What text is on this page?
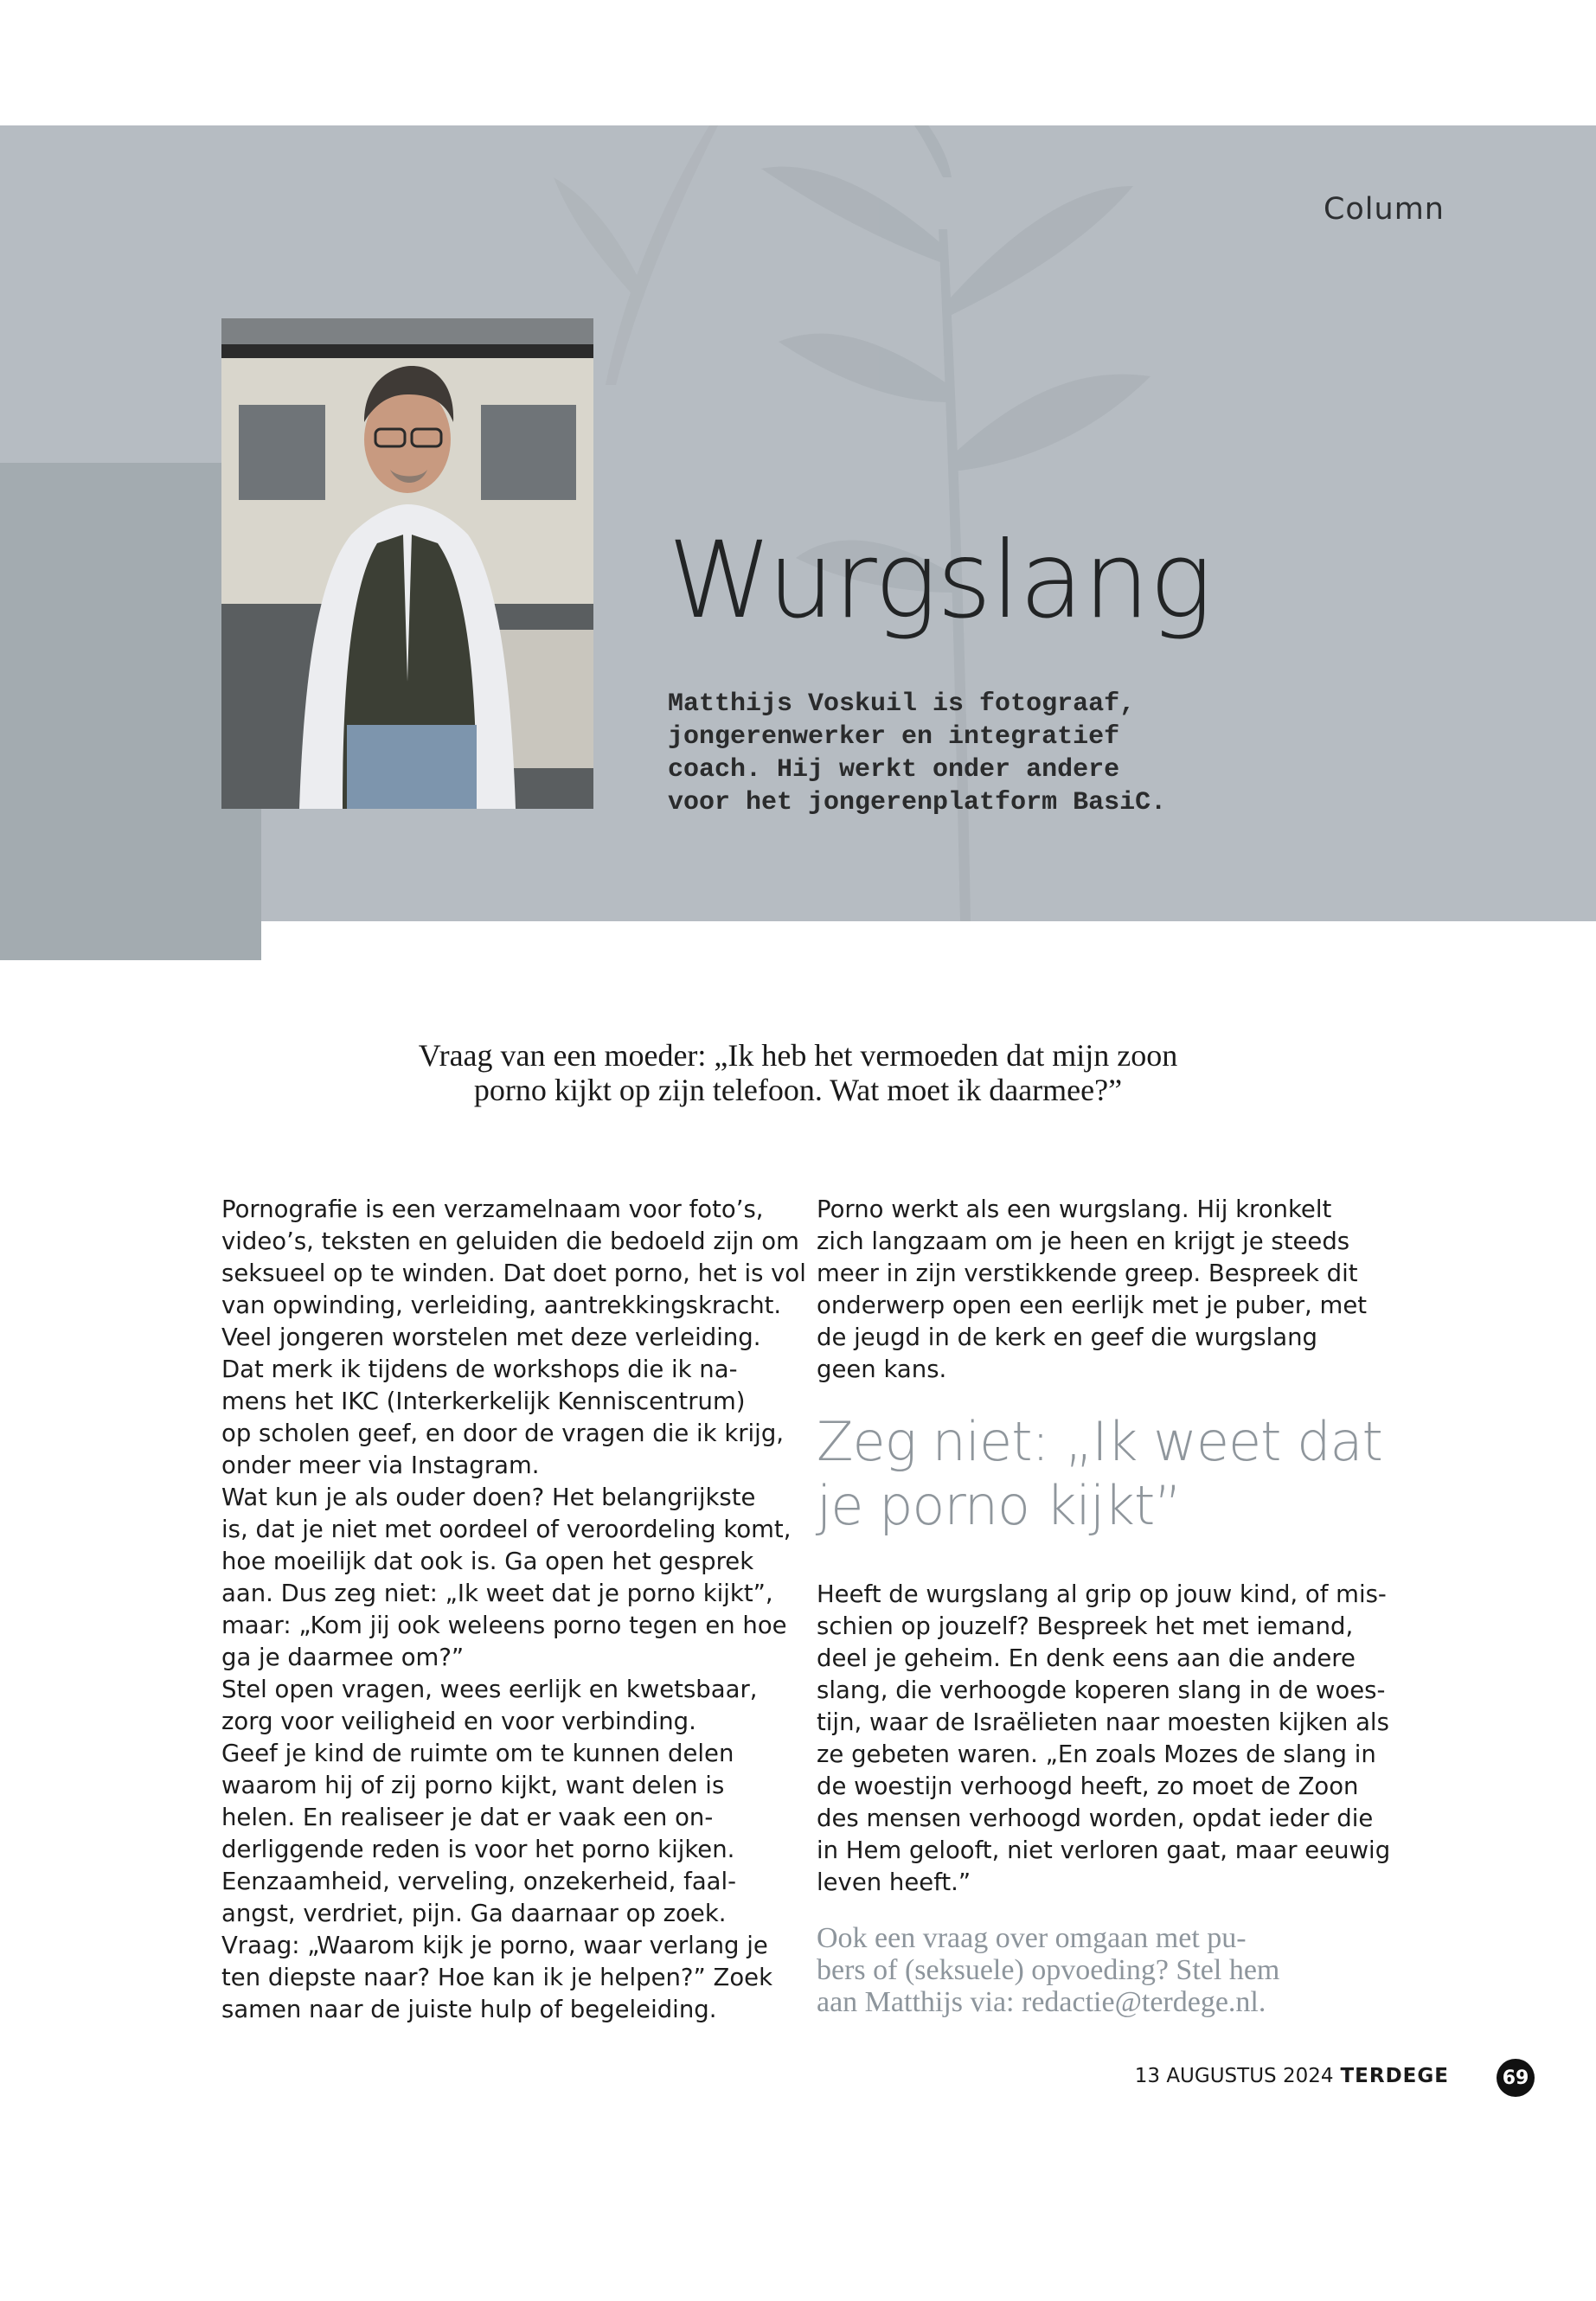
Column
Wurgslang
Matthijs Voskuil is fotograaf,
jongerenwerker en integratief
coach. Hij werkt onder andere
voor het jongerenplatform BasiC.
Vraag van een moeder: „Ik heb het vermoeden dat mijn zoon
porno kijkt op zijn telefoon. Wat moet ik daarmee?”
Pornografie is een verzamelnaam voor foto’s,
video’s, teksten en geluiden die bedoeld zijn om
seksueel op te winden. Dat doet porno, het is vol
van opwinding, verleiding, aantrekkingskracht.
Veel jongeren worstelen met deze verleiding.
Dat merk ik tijdens de workshops die ik na-
mens het IKC (Interkerkelijk Kenniscentrum)
op scholen geef, en door de vragen die ik krijg,
onder meer via Instagram.
Wat kun je als ouder doen? Het belangrijkste
is, dat je niet met oordeel of veroordeling komt,
hoe moeilijk dat ook is. Ga open het gesprek
aan. Dus zeg niet: „Ik weet dat je porno kijkt”,
maar: „Kom jij ook weleens porno tegen en hoe
ga je daarmee om?”
Stel open vragen, wees eerlijk en kwetsbaar,
zorg voor veiligheid en voor verbinding.
Geef je kind de ruimte om te kunnen delen
waarom hij of zij porno kijkt, want delen is
helen. En realiseer je dat er vaak een on-
derliggende reden is voor het porno kijken.
Eenzaamheid, verveling, onzekerheid, faal-
angst, verdriet, pijn. Ga daarnaar op zoek.
Vraag: „Waarom kijk je porno, waar verlang je
ten diepste naar? Hoe kan ik je helpen?” Zoek
samen naar de juiste hulp of begeleiding.
Porno werkt als een wurgslang. Hij kronkelt
zich langzaam om je heen en krijgt je steeds
meer in zijn verstikkende greep. Bespreek dit
onderwerp open een eerlijk met je puber, met
de jeugd in de kerk en geef die wurgslang
geen kans.
Zeg niet: „Ik weet dat
je porno kijkt”
Heeft de wurgslang al grip op jouw kind, of mis-
schien op jouzelf? Bespreek het met iemand,
deel je geheim. En denk eens aan die andere
slang, die verhoogde koperen slang in de woes-
tijn, waar de Israëlieten naar moesten kijken als
ze gebeten waren. „En zoals Mozes de slang in
de woestijn verhoogd heeft, zo moet de Zoon
des mensen verhoogd worden, opdat ieder die
in Hem gelooft, niet verloren gaat, maar eeuwig
leven heeft.”
Ook een vraag over omgaan met pu-
bers of (seksuele) opvoeding? Stel hem
aan Matthijs via: redactie@terdege.nl.
13 AUGUSTUS 2024 TERDEGE	69
